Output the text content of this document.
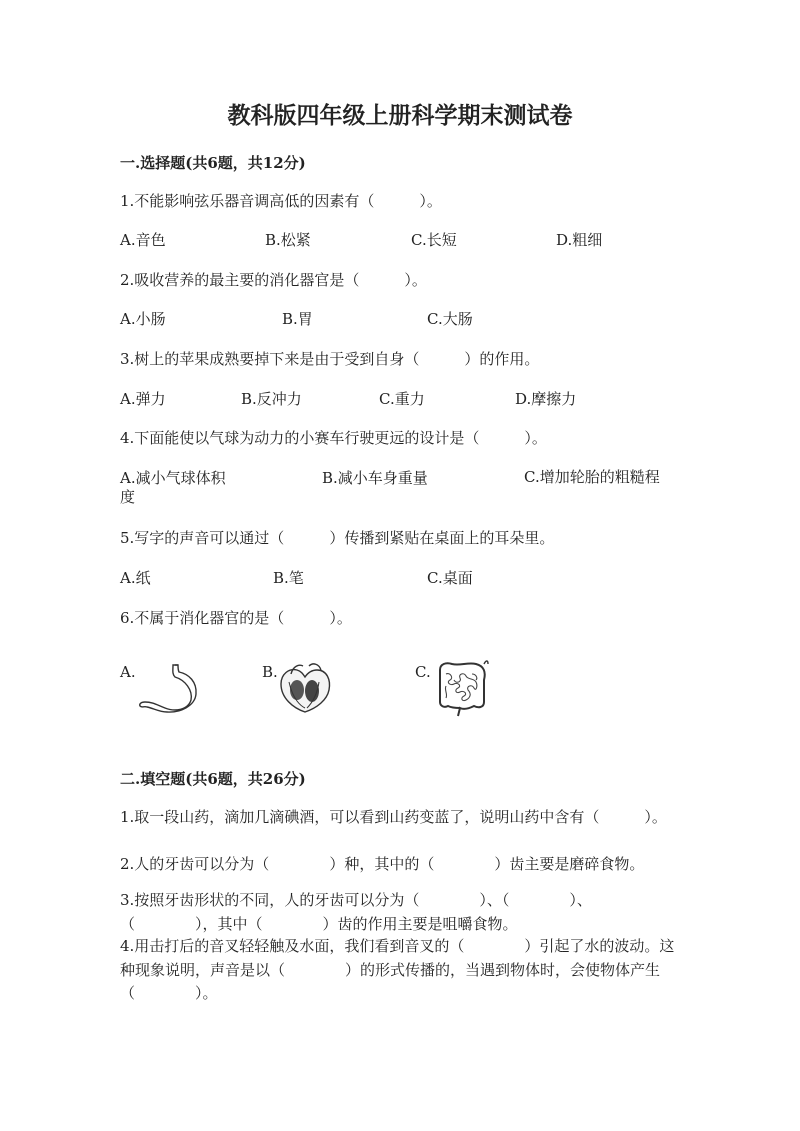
教科版四年级上册科学期末测试卷
一.选择题(共6题，共12分)
1.不能影响弦乐器音调高低的因素有（　　　）。
A.音色	B.松紧	C.长短	D.粗细
2.吸收营养的最主要的消化器官是（　　　）。
A.小肠	B.胃	C.大肠
3.树上的苹果成熟要掉下来是由于受到自身（　　　）的作用。
A.弹力	B.反冲力	C.重力	D.摩擦力
4.下面能使以气球为动力的小赛车行驶更远的设计是（　　　）。
A.减小气球体积	B.减小车身重量	C.增加轮胎的粗糙程度
5.写字的声音可以通过（　　　）传播到紧贴在桌面上的耳朵里。
A.纸	B.笔	C.桌面
6.不属于消化器官的是（　　　）。
A.	B.	C.
二.填空题(共6题，共26分)
1.取一段山药，滴加几滴碘酒，可以看到山药变蓝了，说明山药中含有（　　　）。
2.人的牙齿可以分为（　　　　）种，其中的（　　　　）齿主要是磨碎食物。
3.按照牙齿形状的不同，人的牙齿可以分为（　　　　）、（　　　　）、（　　　　），其中（　　　　）齿的作用主要是咀嚼食物。
4.用击打后的音叉轻轻触及水面，我们看到音叉的（　　　　）引起了水的波动。这种现象说明，声音是以（　　　　）的形式传播的，当遇到物体时，会使物体产生（　　　　）。
